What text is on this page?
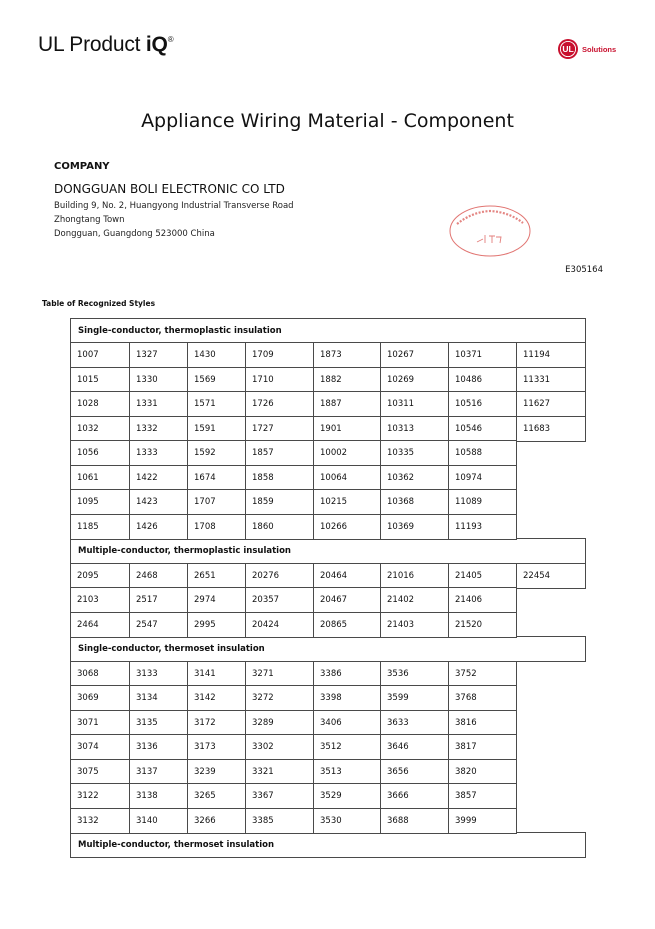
UL Product iQ®
UL Solutions
Appliance Wiring Material - Component
COMPANY
DONGGUAN BOLI ELECTRONIC CO LTD
Building 9, No. 2, Huangyong Industrial Transverse Road
Zhongtang Town
Dongguan, Guangdong 523000 China
E305164
Table of Recognized Styles
Single-conductor, thermoplastic insulation
1007	1327	1430	1709	1873	10267	10371	11194
1015	1330	1569	1710	1882	10269	10486	11331
1028	1331	1571	1726	1887	10311	10516	11627
1032	1332	1591	1727	1901	10313	10546	11683
1056	1333	1592	1857	10002	10335	10588
1061	1422	1674	1858	10064	10362	10974
1095	1423	1707	1859	10215	10368	11089
1185	1426	1708	1860	10266	10369	11193
Multiple-conductor, thermoplastic insulation
2095	2468	2651	20276	20464	21016	21405	22454
2103	2517	2974	20357	20467	21402	21406
2464	2547	2995	20424	20865	21403	21520
Single-conductor, thermoset insulation
3068	3133	3141	3271	3386	3536	3752
3069	3134	3142	3272	3398	3599	3768
3071	3135	3172	3289	3406	3633	3816
3074	3136	3173	3302	3512	3646	3817
3075	3137	3239	3321	3513	3656	3820
3122	3138	3265	3367	3529	3666	3857
3132	3140	3266	3385	3530	3688	3999
Multiple-conductor, thermoset insulation
